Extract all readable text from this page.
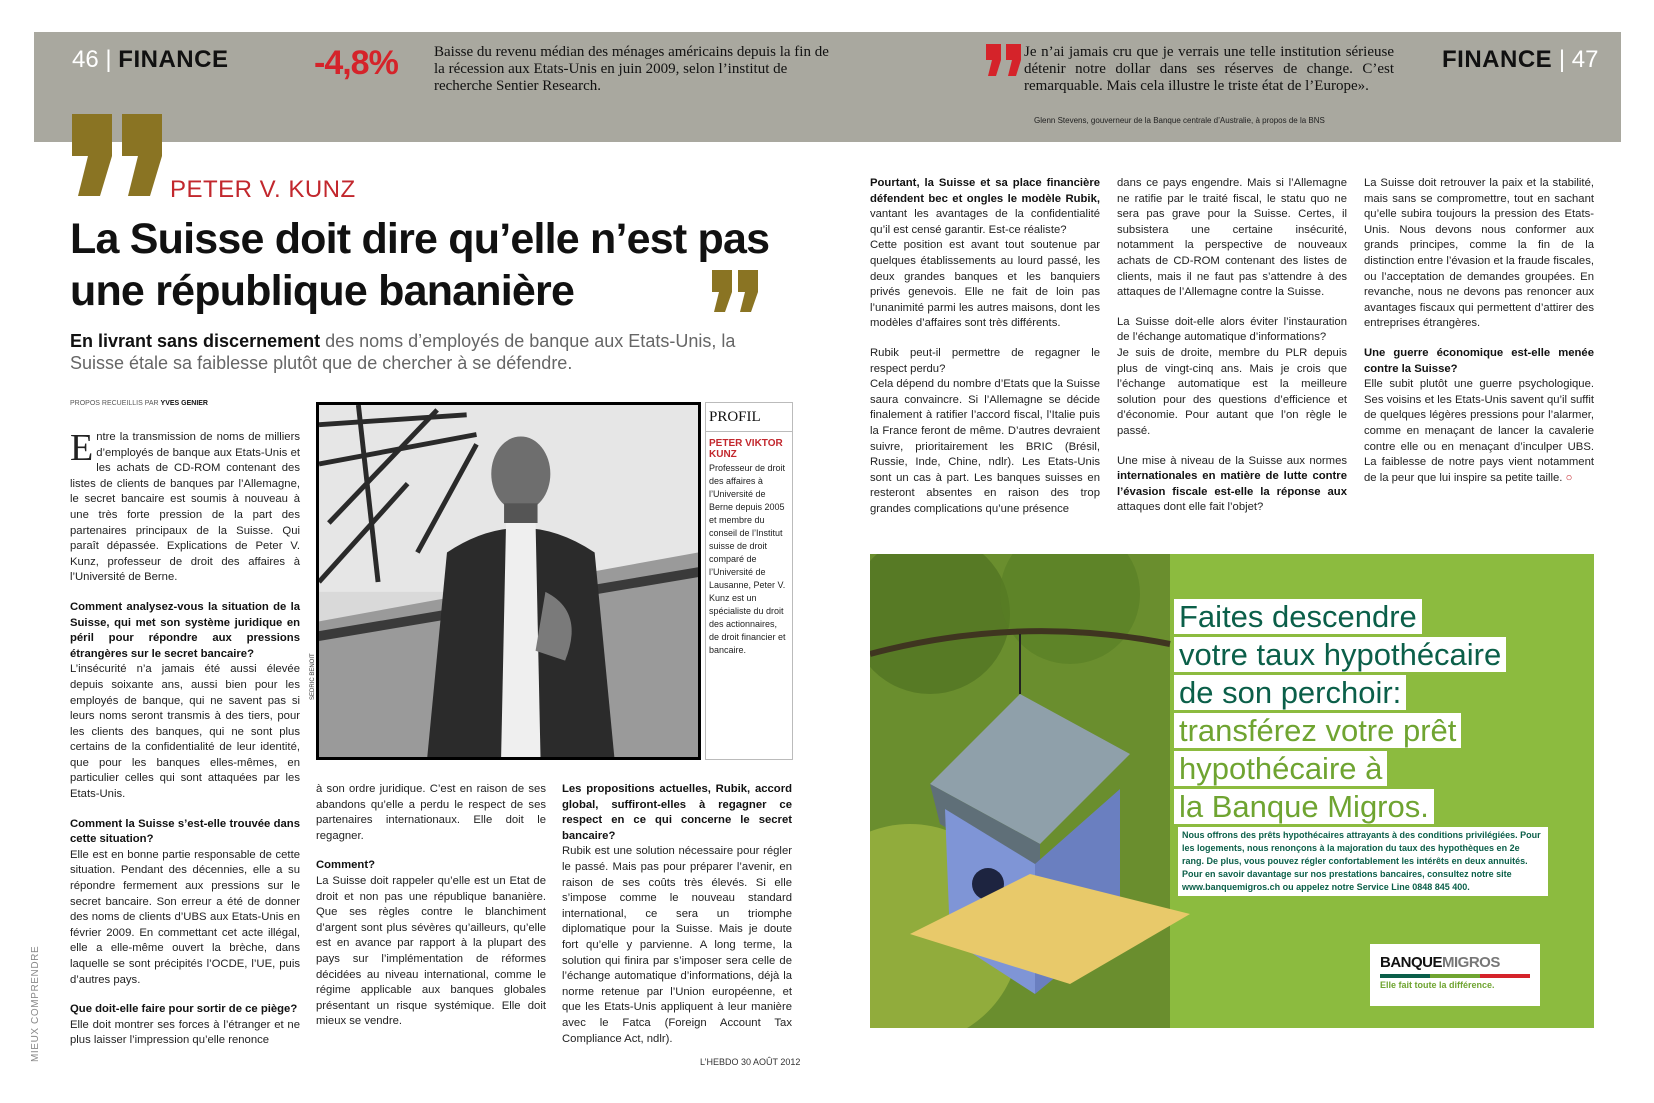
46 | FINANCE	-4,8% Baisse du revenu médian des ménages américains depuis la fin de la récession aux Etats-Unis en juin 2009, selon l’institut de recherche Sentier Research.
Je n’ai jamais cru que je verrais une telle institution sérieuse détenir notre dollar dans ses réserves de change. C’est remarquable. Mais cela illustre le triste état de l’Europe».
Glenn Stevens, gouverneur de la Banque centrale d’Australie, à propos de la BNS
FINANCE | 47
PETER V. KUNZ
La Suisse doit dire qu’elle n’est pas une république bananière
En livrant sans discernement des noms d’employés de banque aux Etats-Unis, la Suisse étale sa faiblesse plutôt que de chercher à se défendre.
PROPOS RECUEILLIS PAR YVES GENIER

Entre la transmission de noms de milliers d’employés de banque aux Etats-Unis et les achats de CD-ROM contenant des listes de clients de banques par l’Allemagne, le secret bancaire est soumis à nouveau à une très forte pression de la part des partenaires principaux de la Suisse. Qui paraît dépassée. Explications de Peter V. Kunz, professeur de droit des affaires à l’Université de Berne.

Comment analysez-vous la situation de la Suisse, qui met son système juridique en péril pour répondre aux pressions étrangères sur le secret bancaire?
L’insécurité n’a jamais été aussi élevée depuis soixante ans, aussi bien pour les employés de banque, qui ne savent pas si leurs noms seront transmis à des tiers, pour les clients des banques, qui ne sont plus certains de la confidentialité de leur identité, que pour les banques elles-mêmes, en particulier celles qui sont attaquées par les Etats-Unis.

Comment la Suisse s’est-elle trouvée dans cette situation?
Elle est en bonne partie responsable de cette situation. Pendant des décennies, elle a su répondre fermement aux pressions sur le secret bancaire. Son erreur a été de donner des noms de clients d’UBS aux Etats-Unis en février 2009. En commettant cet acte illégal, elle a elle-même ouvert la brèche, dans laquelle se sont précipités l’OCDE, l’UE, puis d’autres pays.

Que doit-elle faire pour sortir de ce piège?
Elle doit montrer ses forces à l’étranger et ne plus laisser l’impression qu’elle renonce

SEDRIC BENOIT
PROFIL
PETER VIKTOR KUNZ
Professeur de droit des affaires à l’Université de Berne depuis 2005 et membre du conseil de l’Institut suisse de droit comparé de l’Université de Lausanne, Peter V. Kunz est un spécialiste du droit des actionnaires, de droit financier et bancaire.

à son ordre juridique. C’est en raison de ses abandons qu’elle a perdu le respect de ses partenaires internationaux. Elle doit le regagner.

Comment?
La Suisse doit rappeler qu’elle est un Etat de droit et non pas une république bananière. Que ses règles contre le blanchiment d’argent sont plus sévères qu’ailleurs, qu’elle est en avance par rapport à la plupart des pays sur l’implémentation de réformes décidées au niveau international, comme le régime applicable aux banques globales présentant un risque systémique. Elle doit mieux se vendre.

Les propositions actuelles, Rubik, accord global, suffiront-elles à regagner ce respect en ce qui concerne le secret bancaire?
Rubik est une solution nécessaire pour régler le passé. Mais pas pour préparer l’avenir, en raison de ses coûts très élevés. Si elle s’impose comme le nouveau standard international, ce sera un triomphe diplomatique pour la Suisse. Mais je doute fort qu’elle y parvienne. A long terme, la solution qui finira par s’imposer sera celle de l’échange automatique d’informations, déjà la norme retenue par l’Union européenne, et que les Etats-Unis appliquent à leur manière avec le Fatca (Foreign Account Tax Compliance Act, ndlr).

Pourtant, la Suisse et sa place financière défendent bec et ongles le modèle Rubik, vantant les avantages de la confidentialité qu’il est censé garantir. Est-ce réaliste?
Cette position est avant tout soutenue par quelques établissements au lourd passé, les deux grandes banques et les banquiers privés genevois. Elle ne fait de loin pas l’unanimité parmi les autres maisons, dont les modèles d’affaires sont très différents.

Rubik peut-il permettre de regagner le respect perdu?
Cela dépend du nombre d’Etats que la Suisse saura convaincre. Si l’Allemagne se décide finalement à ratifier l’accord fiscal, l’Italie puis la France feront de même. D’autres devraient suivre, prioritairement les BRIC (Brésil, Russie, Inde, Chine, ndlr). Les Etats-Unis sont un cas à part. Les banques suisses en resteront absentes en raison des trop grandes complications qu’une présence

dans ce pays engendre. Mais si l’Allemagne ne ratifie par le traité fiscal, le statu quo ne sera pas grave pour la Suisse. Certes, il subsistera une certaine insécurité, notamment la perspective de nouveaux achats de CD-ROM contenant des listes de clients, mais il ne faut pas s’attendre à des attaques de l’Allemagne contre la Suisse.

La Suisse doit-elle alors éviter l’instauration de l’échange automatique d’informations?
Je suis de droite, membre du PLR depuis plus de vingt-cinq ans. Mais je crois que l’échange automatique est la meilleure solution pour des questions d’efficience et d’économie. Pour autant que l’on règle le passé.

Une mise à niveau de la Suisse aux normes internationales en matière de lutte contre l’évasion fiscale est-elle la réponse aux attaques dont elle fait l’objet?

La Suisse doit retrouver la paix et la stabilité, mais sans se compromettre, tout en sachant qu’elle subira toujours la pression des Etats-Unis. Nous devons nous conformer aux grands principes, comme la fin de la distinction entre l’évasion et la fraude fiscales, ou l’acceptation de demandes groupées. En revanche, nous ne devons pas renoncer aux avantages fiscaux qui permettent d’attirer des entreprises étrangères.

Une guerre économique est-elle menée contre la Suisse?
Elle subit plutôt une guerre psychologique. Ses voisins et les Etats-Unis savent qu’il suffit de quelques légères pressions pour l’alarmer, comme en menaçant de lancer la cavalerie contre elle ou en menaçant d’inculper UBS. La faiblesse de notre pays vient notamment de la peur que lui inspire sa petite taille. ○

Faites descendre
votre taux hypothécaire
de son perchoir:
transférez votre prêt
hypothécaire à
la Banque Migros.
Nous offrons des prêts hypothécaires attrayants à des conditions privilégiées. Pour les logements, nous renonçons à la majoration du taux des hypothèques en 2e rang. De plus, vous pouvez régler confortablement les intérêts en deux annuités. Pour en savoir davantage sur nos prestations bancaires, consultez notre site www.banquemigros.ch ou appelez notre Service Line 0848 845 400.
BANQUEMIGROS
Elle fait toute la différence.
MIEUX COMPRENDRE	L’HEBDO 30 AOÛT 2012
